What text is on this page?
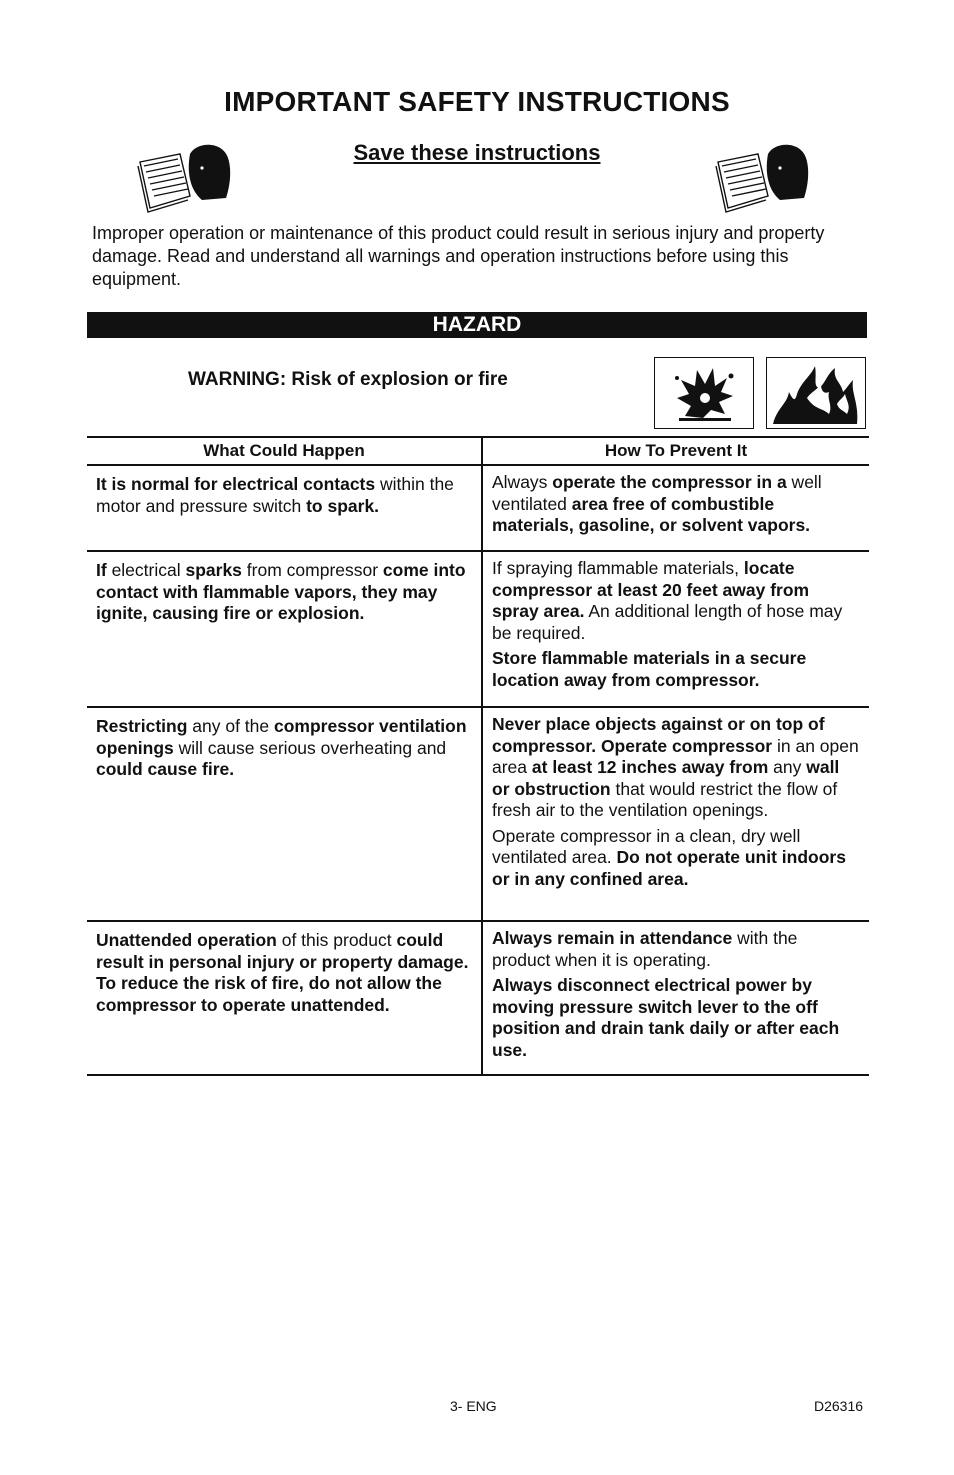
IMPORTANT SAFETY INSTRUCTIONS
Save these instructions
Improper operation or maintenance of this product could result in serious injury and property damage. Read and understand all warnings and operation instructions before using this equipment.
HAZARD
WARNING: Risk of explosion or fire
What Could Happen	How To Prevent It

It is normal for electrical contacts within the motor and pressure switch to spark.

Always operate the compressor in a well ventilated area free of combustible materials, gasoline, or solvent vapors.

If electrical sparks from compressor come into contact with flammable vapors, they may ignite, causing fire or explosion.

If spraying flammable materials, locate compressor at least 20 feet away from spray area. An additional length of hose may be required.

Store flammable materials in a secure location away from compressor.

Restricting any of the compressor ventilation openings will cause serious overheating and could cause fire.

Never place objects against or on top of compressor. Operate compressor in an open area at least 12 inches away from any wall or obstruction that would restrict the flow of fresh air to the ventilation openings.

Operate compressor in a clean, dry well ventilated area. Do not operate unit indoors or in any confined area.

Unattended operation of this product could result in personal injury or property damage. To reduce the risk of fire, do not allow the compressor to operate unattended.

Always remain in attendance with the product when it is operating.

Always disconnect electrical power by moving pressure switch lever to the off position and drain tank daily or after each use.

3- ENG	D26316
